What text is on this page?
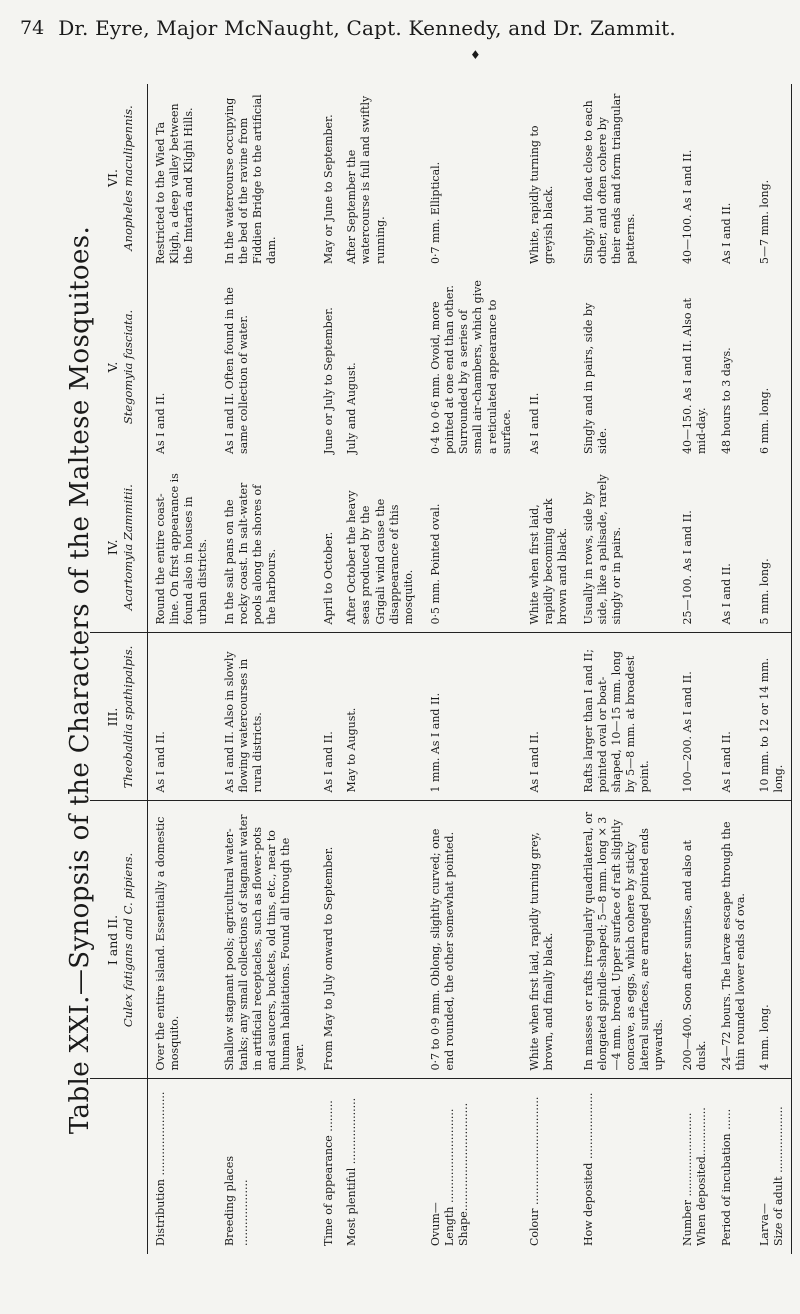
74 Dr. Eyre, Major McNaught, Capt. Kennedy, and Dr. Zammit.
♦
Table XXI.—Synopsis of the Characters of the Maltese Mosquitoes.

	I and II. Culex fatigans and C. pipiens.	III. Theobaldia spathipalpis.	IV. Acartomyia Zammitii.	V. Stegomyia fasciata.	VI. Anopheles maculipennis.

Distribution ........................	Over the entire island. Essentially a domestic mosquito.	As I and II.	Round the entire coast-line. On first appearance is found also in houses in urban districts.	As I and II.	Restricted to the Wied Ta Kligh, a deep valley between the Imtarfa and Klighi Hills.

Breeding places ...................	Shallow stagnant pools; agricultural water-tanks; any small collections of stagnant water in artificial receptacles, such as flower-pots and saucers, buckets, old tins, etc., near to human habitations. Found all through the year.	As I and II. Also in slowly flowing watercourses in rural districts.	In the salt pans on the rocky coast. In salt-water pools along the shores of the harbours.	As I and II. Often found in the same collection of water.	In the watercourse occupying the bed of the ravine from Fiddien Bridge to the artificial dam.

Time of appearance .........	From May to July onward to September.	As I and II.	April to October.	June or July to September.	May or June to September.

Most plentiful ...................		May to August.	After October the heavy seas produced by the Grigali wind cause the disappearance of this mosquito.	July and August.	After September the watercourse is full and swiftly running.

Ovum— Length ........................... Shape...............................	0·7 to 0·9 mm. Oblong, slightly curved; one end rounded, the other somewhat pointed.	1 mm. As I and II.	0·5 mm. Pointed oval.	0·4 to 0·6 mm. Ovoid, more pointed at one end than other. Surrounded by a series of small air-chambers, which give a reticulated appearance to surface.	0·7 mm. Elliptical.

Colour ...............................	White when first laid, rapidly turning grey, brown, and finally black.	As I and II.	White when first laid, rapidly becoming dark brown and black.	As I and II.	White, rapidly turning to greyish black.

How deposited ...................	In masses or rafts irregularly quadrilateral, or elongated spindle-shaped; 5—8 mm. long × 3—4 mm. broad. Upper surface of raft slightly concave, as eggs, which cohere by sticky lateral surfaces, are arranged pointed ends upwards.	Rafts larger than I and II; pointed oval or boat-shaped, 10—15 mm. long by 5—8 mm. at broadest point.	Usually in rows, side by side, like a palisade, rarely singly or in pairs.	Singly and in pairs, side by side.	Singly, but float close to each other, and often cohere by their ends and form triangular patterns.

Number ........................ When deposited..............	200—400. Soon after sunrise, and also at dusk.	100—200. As I and II.	25—100. As I and II.	40—150. As I and II. Also at mid-day.	40—100. As I and II.

Period of incubation ......	24—72 hours. The larvæ escape through the thin rounded lower ends of ova.	As I and II.	As I and II.	48 hours to 3 days.	As I and II.

Larva— Size of adult ...................	4 mm. long.	10 mm. to 12 or 14 mm. long.	5 mm. long.	6 mm. long.	5—7 mm. long.
